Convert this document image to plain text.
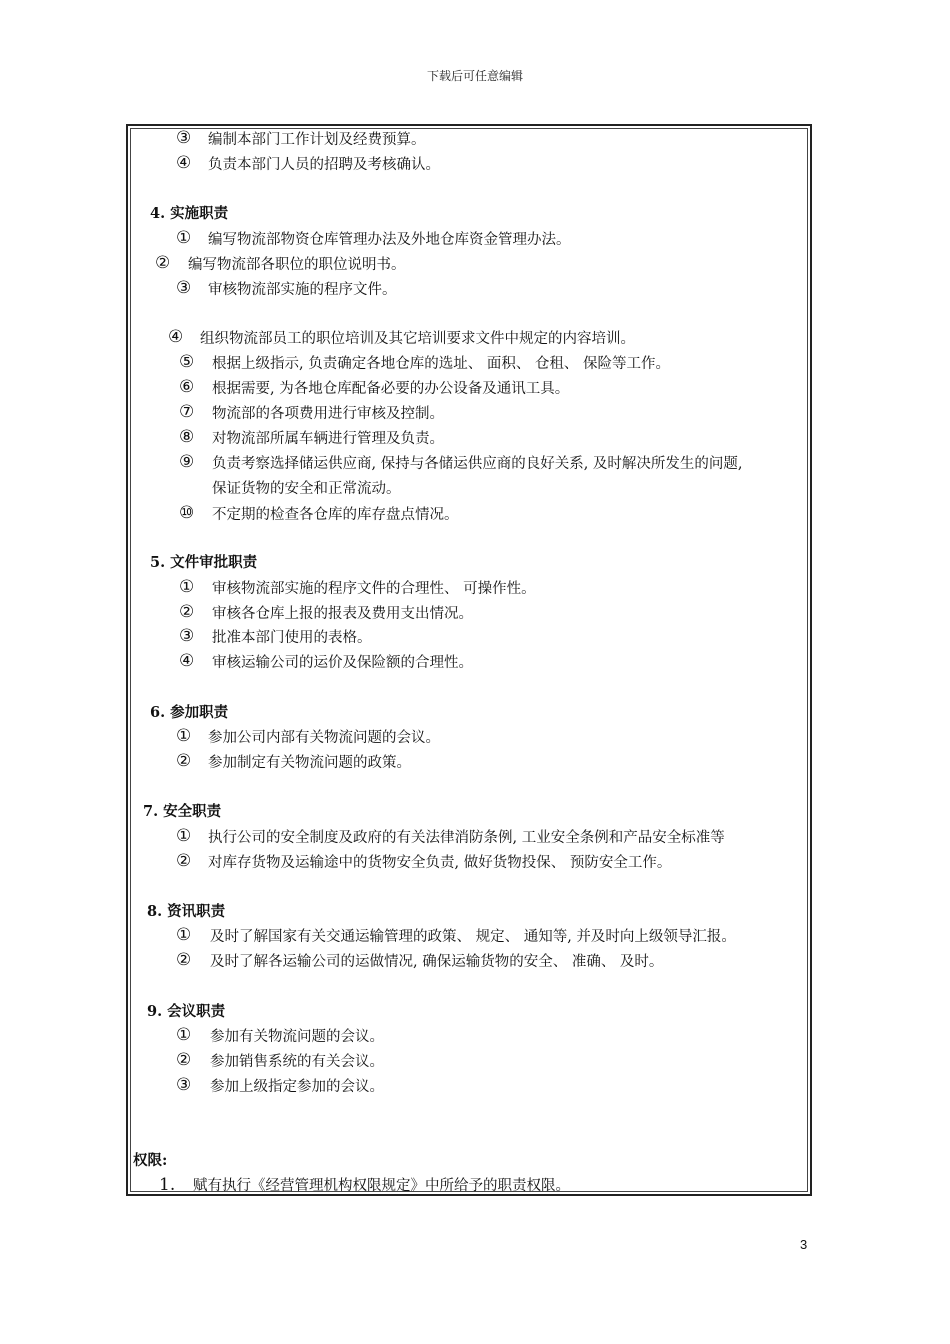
下载后可任意编辑
③ 编制本部门工作计划及经费预算。
④ 负责本部门人员的招聘及考核确认。
4. 实施职责
① 编写物流部物资仓库管理办法及外地仓库资金管理办法。
② 编写物流部各职位的职位说明书。
③ 审核物流部实施的程序文件。
④ 组织物流部员工的职位培训及其它培训要求文件中规定的内容培训。
⑤ 根据上级指示, 负责确定各地仓库的选址、 面积、 仓租、 保险等工作。
⑥ 根据需要, 为各地仓库配备必要的办公设备及通讯工具。
⑦ 物流部的各项费用进行审核及控制。
⑧ 对物流部所属车辆进行管理及负责。
⑨ 负责考察选择储运供应商, 保持与各储运供应商的良好关系, 及时解决所发生的问题,
保证货物的安全和正常流动。
⑩ 不定期的检查各仓库的库存盘点情况。
5. 文件审批职责
① 审核物流部实施的程序文件的合理性、 可操作性。
② 审核各仓库上报的报表及费用支出情况。
③ 批准本部门使用的表格。
④ 审核运输公司的运价及保险额的合理性。
6. 参加职责
① 参加公司内部有关物流问题的会议。
② 参加制定有关物流问题的政策。
7. 安全职责
① 执行公司的安全制度及政府的有关法律消防条例, 工业安全条例和产品安全标准等
② 对库存货物及运输途中的货物安全负责, 做好货物投保、 预防安全工作。
8. 资讯职责
① 及时了解国家有关交通运输管理的政策、 规定、 通知等, 并及时向上级领导汇报。
② 及时了解各运输公司的运做情况, 确保运输货物的安全、 准确、 及时。
9. 会议职责
① 参加有关物流问题的会议。
② 参加销售系统的有关会议。
③ 参加上级指定参加的会议。
权限:
1. 赋有执行《经营管理机构权限规定》中所给予的职责权限。
3
